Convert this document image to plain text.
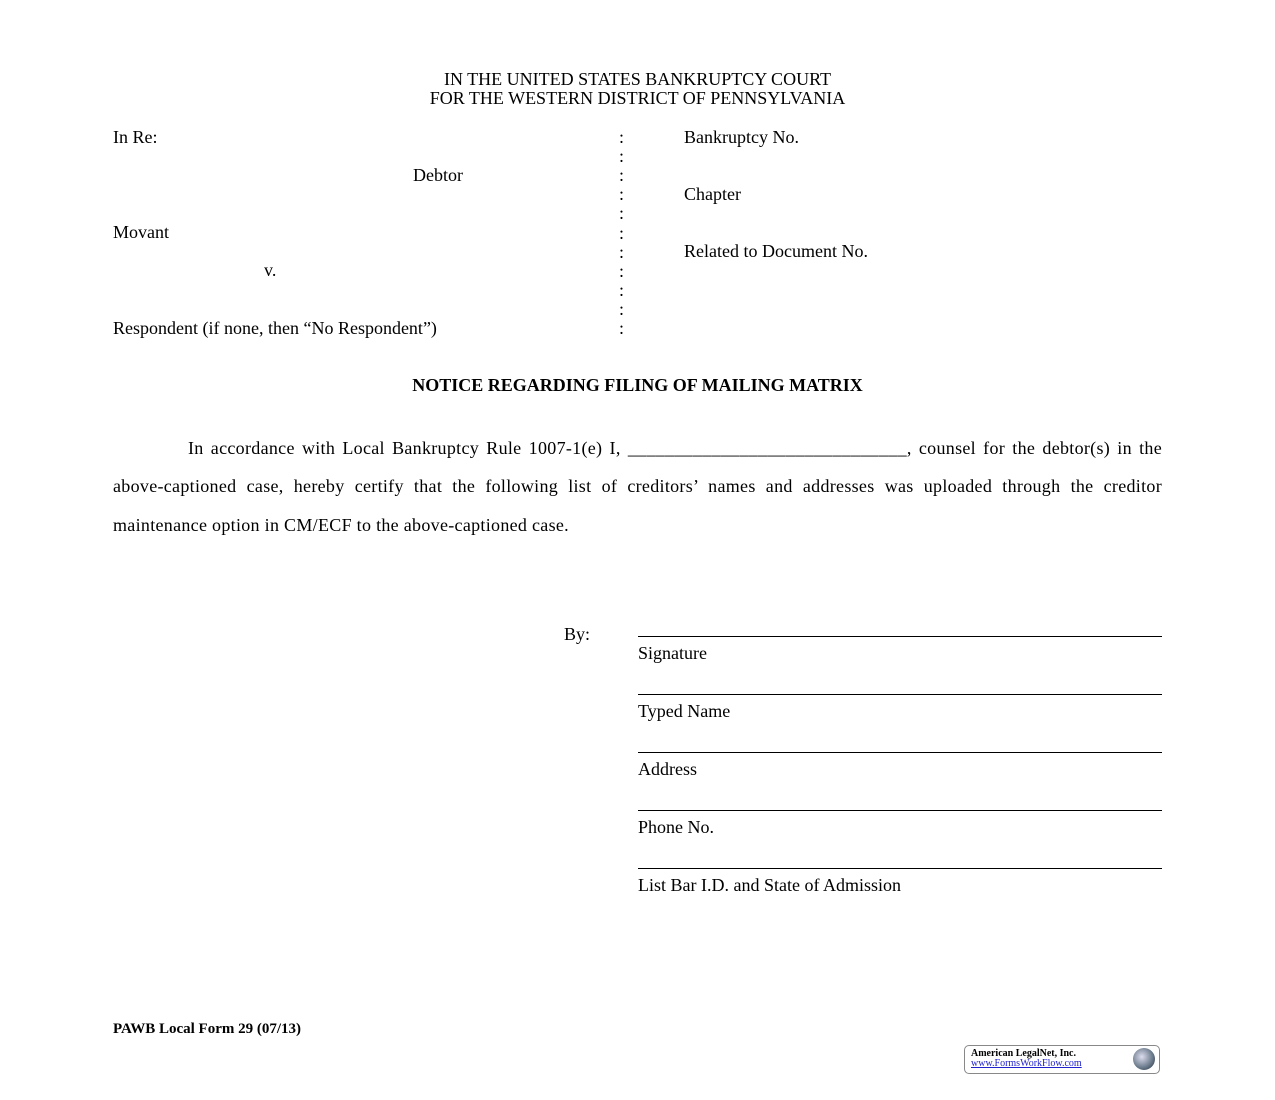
IN THE UNITED STATES BANKRUPTCY COURT
FOR THE WESTERN DISTRICT OF PENNSYLVANIA
In Re:
Debtor
Movant
v.
Respondent (if none, then “No Respondent”)
:
:
:
:
:
:
:
:
:
:
:
Bankruptcy No.
Chapter
Related to Document No.
NOTICE REGARDING FILING OF MAILING MATRIX
In accordance with Local Bankruptcy Rule 1007-1(e) I, ______________________________, counsel for the debtor(s) in the above-captioned case, hereby certify that the following list of creditors’ names and addresses was uploaded through the creditor maintenance option in CM/ECF to the above-captioned case.
By:
Signature
Typed Name
Address
Phone No.
List Bar I.D. and State of Admission
PAWB Local Form 29 (07/13)
American LegalNet, Inc.
www.FormsWorkFlow.com
